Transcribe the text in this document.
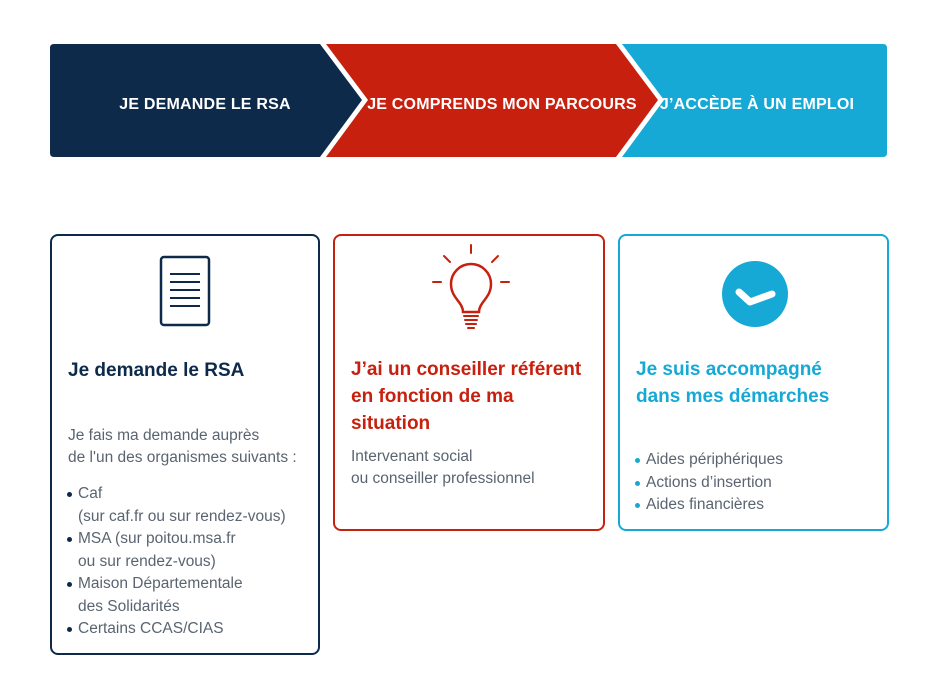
JE DEMANDE LE RSA	JE COMPRENDS MON PARCOURS	J’ACCÈDE À UN EMPLOI
Je demande le RSA
Je fais ma demande auprès
de l'un des organismes suivants :
Caf
(sur caf.fr ou sur rendez-vous)
MSA (sur poitou.msa.fr
ou sur rendez-vous)
Maison Départementale
des Solidarités
Certains CCAS/CIAS
J’ai un conseiller référent
en fonction de ma situation
Intervenant social
ou conseiller professionnel
Je suis accompagné
dans mes démarches
Aides périphériques
Actions d’insertion
Aides financières
